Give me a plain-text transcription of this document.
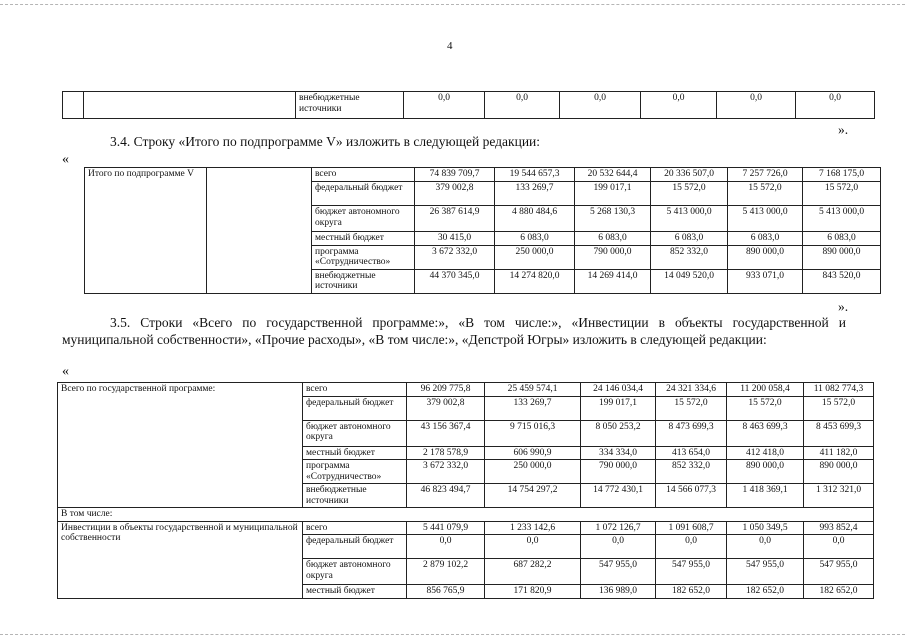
4
		внебюджетные источники	0,0	0,0	0,0	0,0	0,0	0,0
».
3.4. Строку «Итого по подпрограмме V» изложить в следующей редакции:
«
Итого по подпрограмме V		всего	74 839 709,7	19 544 657,3	20 532 644,4	20 336 507,0	7 257 726,0	7 168 175,0
		федеральный бюджет	379 002,8	133 269,7	199 017,1	15 572,0	15 572,0	15 572,0
		бюджет автономного округа	26 387 614,9	4 880 484,6	5 268 130,3	5 413 000,0	5 413 000,0	5 413 000,0
		местный бюджет	30 415,0	6 083,0	6 083,0	6 083,0	6 083,0	6 083,0
		программа «Сотрудничество»	3 672 332,0	250 000,0	790 000,0	852 332,0	890 000,0	890 000,0
		внебюджетные источники	44 370 345,0	14 274 820,0	14 269 414,0	14 049 520,0	933 071,0	843 520,0
».
3.5. Строки «Всего по государственной программе:», «В том числе:», «Инвестиции в объекты государственной и муниципальной собственности», «Прочие расходы», «В том числе:», «Депстрой Югры» изложить в следующей редакции:
«
Всего по государственной программе:	всего	96 209 775,8	25 459 574,1	24 146 034,4	24 321 334,6	11 200 058,4	11 082 774,3
	федеральный бюджет	379 002,8	133 269,7	199 017,1	15 572,0	15 572,0	15 572,0
	бюджет автономного округа	43 156 367,4	9 715 016,3	8 050 253,2	8 473 699,3	8 463 699,3	8 453 699,3
	местный бюджет	2 178 578,9	606 990,9	334 334,0	413 654,0	412 418,0	411 182,0
	программа «Сотрудничество»	3 672 332,0	250 000,0	790 000,0	852 332,0	890 000,0	890 000,0
	внебюджетные источники	46 823 494,7	14 754 297,2	14 772 430,1	14 566 077,3	1 418 369,1	1 312 321,0
В том числе:							
Инвестиции в объекты государственной и муниципальной собственности	всего	5 441 079,9	1 233 142,6	1 072 126,7	1 091 608,7	1 050 349,5	993 852,4
	федеральный бюджет	0,0	0,0	0,0	0,0	0,0	0,0
	бюджет автономного округа	2 879 102,2	687 282,2	547 955,0	547 955,0	547 955,0	547 955,0
	местный бюджет	856 765,9	171 820,9	136 989,0	182 652,0	182 652,0	182 652,0
